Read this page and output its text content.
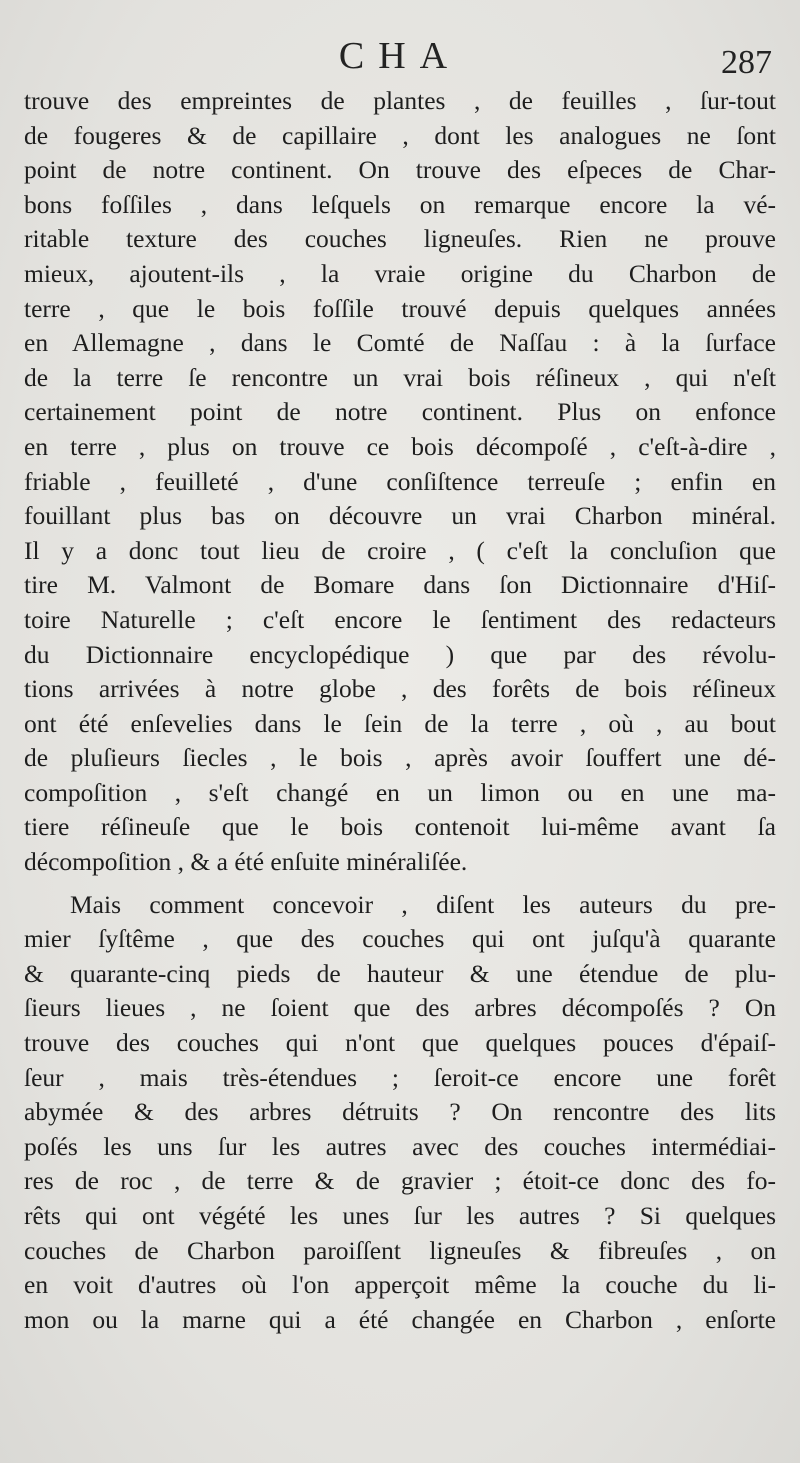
CHA	287
trouve des empreintes de plantes , de feuilles , ſur-tout
de fougeres & de capillaire , dont les analogues ne ſont
point de notre continent. On trouve des eſpeces de Char-
bons foſſiles , dans leſquels on remarque encore la vé-
ritable texture des couches ligneuſes. Rien ne prouve
mieux, ajoutent-ils , la vraie origine du Charbon de
terre , que le bois foſſile trouvé depuis quelques années
en Allemagne , dans le Comté de Naſſau : à la ſurface
de la terre ſe rencontre un vrai bois réſineux , qui n'eſt
certainement point de notre continent. Plus on enfonce
en terre , plus on trouve ce bois décompoſé , c'eſt-à-dire ,
friable , feuilleté , d'une conſiſtence terreuſe ; enfin en
fouillant plus bas on découvre un vrai Charbon minéral.
Il y a donc tout lieu de croire , ( c'eſt la concluſion que
tire M. Valmont de Bomare dans ſon Dictionnaire d'Hiſ-
toire Naturelle ; c'eſt encore le ſentiment des redacteurs
du Dictionnaire encyclopédique ) que par des révolu-
tions arrivées à notre globe , des forêts de bois réſineux
ont été enſevelies dans le ſein de la terre , où , au bout
de pluſieurs ſiecles , le bois , après avoir ſouffert une dé-
compoſition , s'eſt changé en un limon ou en une ma-
tiere réſineuſe que le bois contenoit lui-même avant ſa
décompoſition , & a été enſuite minéraliſée.
Mais comment concevoir , diſent les auteurs du pre-
mier ſyſtême , que des couches qui ont juſqu'à quarante
& quarante-cinq pieds de hauteur & une étendue de plu-
ſieurs lieues , ne ſoient que des arbres décompoſés ? On
trouve des couches qui n'ont que quelques pouces d'épaiſ-
ſeur , mais très-étendues ; ſeroit-ce encore une forêt
abymée & des arbres détruits ? On rencontre des lits
poſés les uns ſur les autres avec des couches intermédiai-
res de roc , de terre & de gravier ; étoit-ce donc des fo-
rêts qui ont végété les unes ſur les autres ? Si quelques
couches de Charbon paroiſſent ligneuſes & fibreuſes , on
en voit d'autres où l'on apperçoit même la couche du li-
mon ou la marne qui a été changée en Charbon , enſorte
